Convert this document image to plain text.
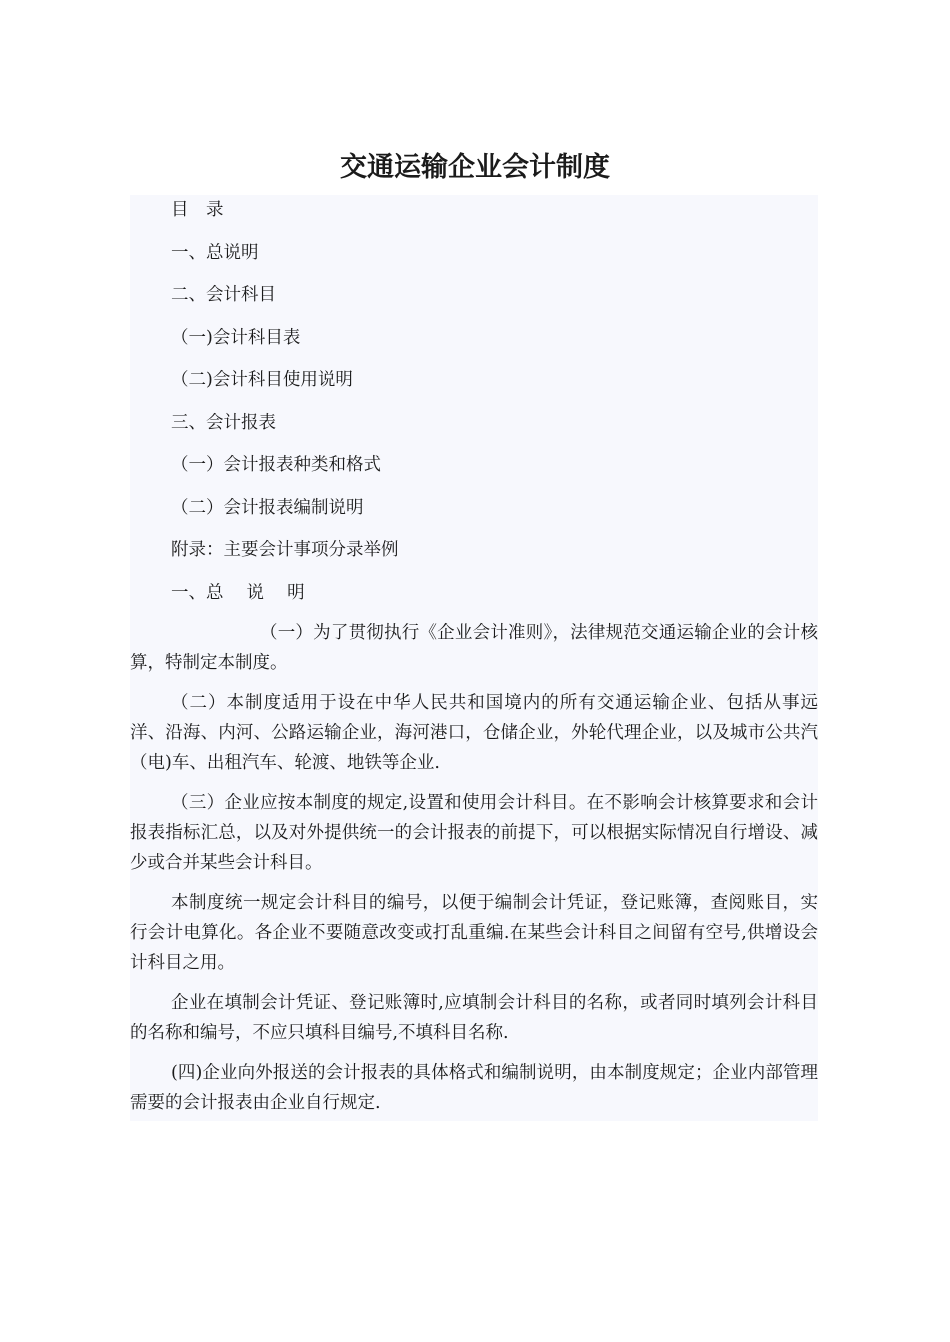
交通运输企业会计制度
目　录
一、总说明
二、会计科目
（一)会计科目表
（二)会计科目使用说明
三、会计报表
（一）会计报表种类和格式
（二）会计报表编制说明
附录：主要会计事项分录举例
一、总　 说　 明

（一）为了贯彻执行《企业会计准则》，法律规范交通运输企业的会计核算，特制定本制度。

（二）本制度适用于设在中华人民共和国境内的所有交通运输企业、包括从事远洋、沿海、内河、公路运输企业，海河港口，仓储企业，外轮代理企业，以及城市公共汽（电)车、出租汽车、轮渡、地铁等企业.

（三）企业应按本制度的规定,设置和使用会计科目。在不影响会计核算要求和会计报表指标汇总，以及对外提供统一的会计报表的前提下，可以根据实际情况自行增设、减少或合并某些会计科目。

本制度统一规定会计科目的编号，以便于编制会计凭证，登记账簿，查阅账目，实行会计电算化。各企业不要随意改变或打乱重编.在某些会计科目之间留有空号,供增设会计科目之用。

企业在填制会计凭证、登记账簿时,应填制会计科目的名称，或者同时填列会计科目的名称和编号，不应只填科目编号,不填科目名称.

(四)企业向外报送的会计报表的具体格式和编制说明，由本制度规定；企业内部管理需要的会计报表由企业自行规定.
